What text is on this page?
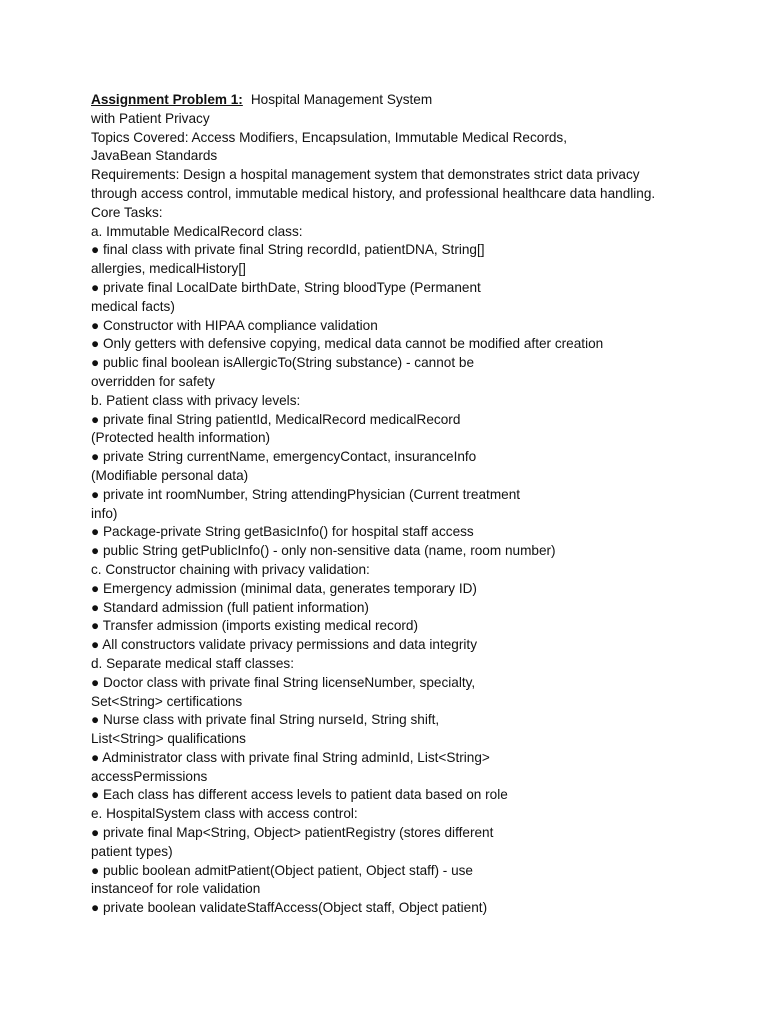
Assignment Problem 1: Hospital Management System
with Patient Privacy
Topics Covered: Access Modifiers, Encapsulation, Immutable Medical Records,
JavaBean Standards
Requirements: Design a hospital management system that demonstrates strict data privacy
through access control, immutable medical history, and professional healthcare data handling.
Core Tasks:
a. Immutable MedicalRecord class:
● final class with private final String recordId, patientDNA, String[]
allergies, medicalHistory[]
● private final LocalDate birthDate, String bloodType (Permanent
medical facts)
● Constructor with HIPAA compliance validation
● Only getters with defensive copying, medical data cannot be modified after creation
● public final boolean isAllergicTo(String substance) - cannot be
overridden for safety
b. Patient class with privacy levels:
● private final String patientId, MedicalRecord medicalRecord
(Protected health information)
● private String currentName, emergencyContact, insuranceInfo
(Modifiable personal data)
● private int roomNumber, String attendingPhysician (Current treatment
info)
● Package-private String getBasicInfo() for hospital staff access
● public String getPublicInfo() - only non-sensitive data (name, room number)
c. Constructor chaining with privacy validation:
● Emergency admission (minimal data, generates temporary ID)
● Standard admission (full patient information)
● Transfer admission (imports existing medical record)
● All constructors validate privacy permissions and data integrity
d. Separate medical staff classes:
● Doctor class with private final String licenseNumber, specialty,
Set<String> certifications
● Nurse class with private final String nurseId, String shift,
List<String> qualifications
● Administrator class with private final String adminId, List<String>
accessPermissions
● Each class has different access levels to patient data based on role
e. HospitalSystem class with access control:
● private final Map<String, Object> patientRegistry (stores different
patient types)
● public boolean admitPatient(Object patient, Object staff) - use
instanceof for role validation
● private boolean validateStaffAccess(Object staff, Object patient)
